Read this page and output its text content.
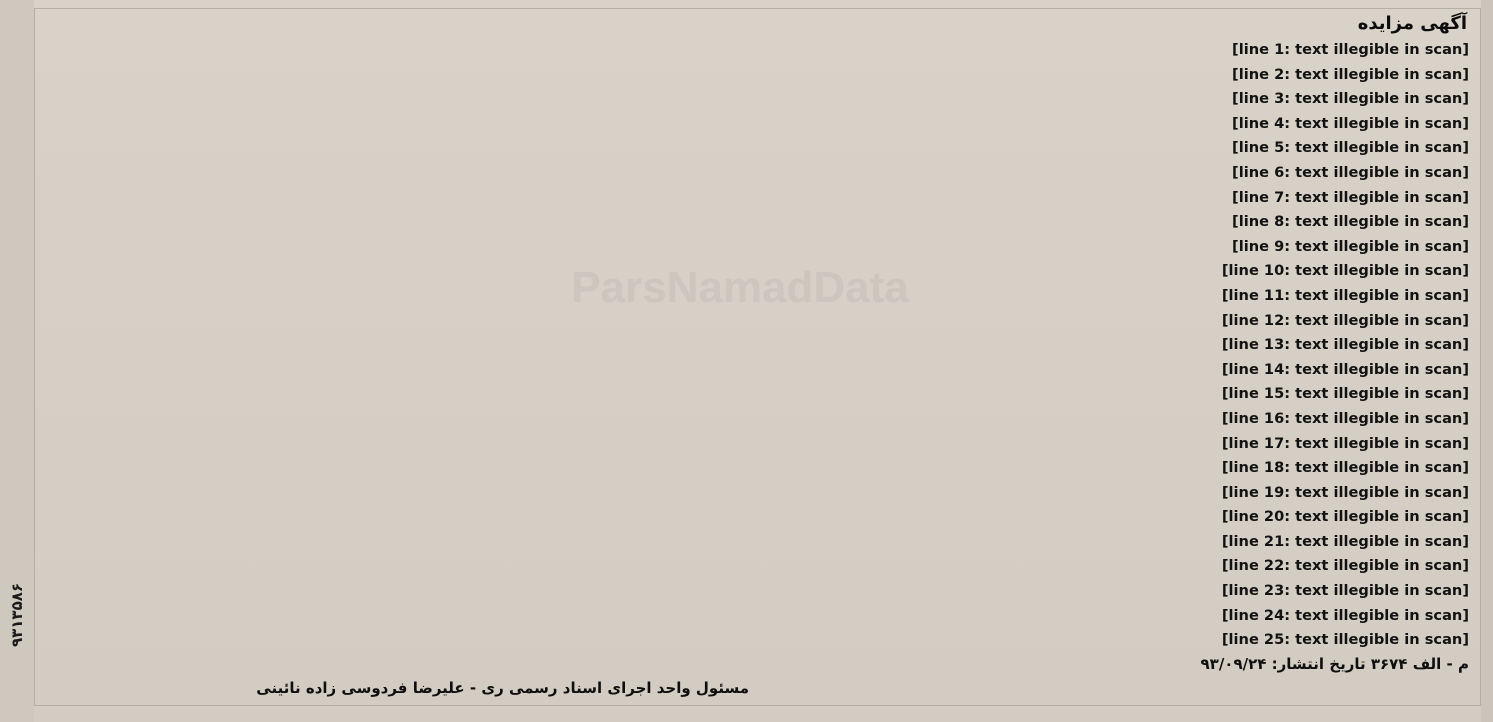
۹۳۱۳۵۸۶
ParsNamadData
آگهی مزایده
[line 1: text illegible in scan]
[line 2: text illegible in scan]
[line 3: text illegible in scan]
[line 4: text illegible in scan]
[line 5: text illegible in scan]
[line 6: text illegible in scan]
[line 7: text illegible in scan]
[line 8: text illegible in scan]
[line 9: text illegible in scan]
[line 10: text illegible in scan]
[line 11: text illegible in scan]
[line 12: text illegible in scan]
[line 13: text illegible in scan]
[line 14: text illegible in scan]
[line 15: text illegible in scan]
[line 16: text illegible in scan]
[line 17: text illegible in scan]
[line 18: text illegible in scan]
[line 19: text illegible in scan]
[line 20: text illegible in scan]
[line 21: text illegible in scan]
[line 22: text illegible in scan]
[line 23: text illegible in scan]
[line 24: text illegible in scan]
[line 25: text illegible in scan]
م - الف ۳۶۷۴ تاریخ انتشار: ۹۳/۰۹/۲۴
مسئول واحد اجرای اسناد رسمی ری - علیرضا فردوسی زاده نائینی
